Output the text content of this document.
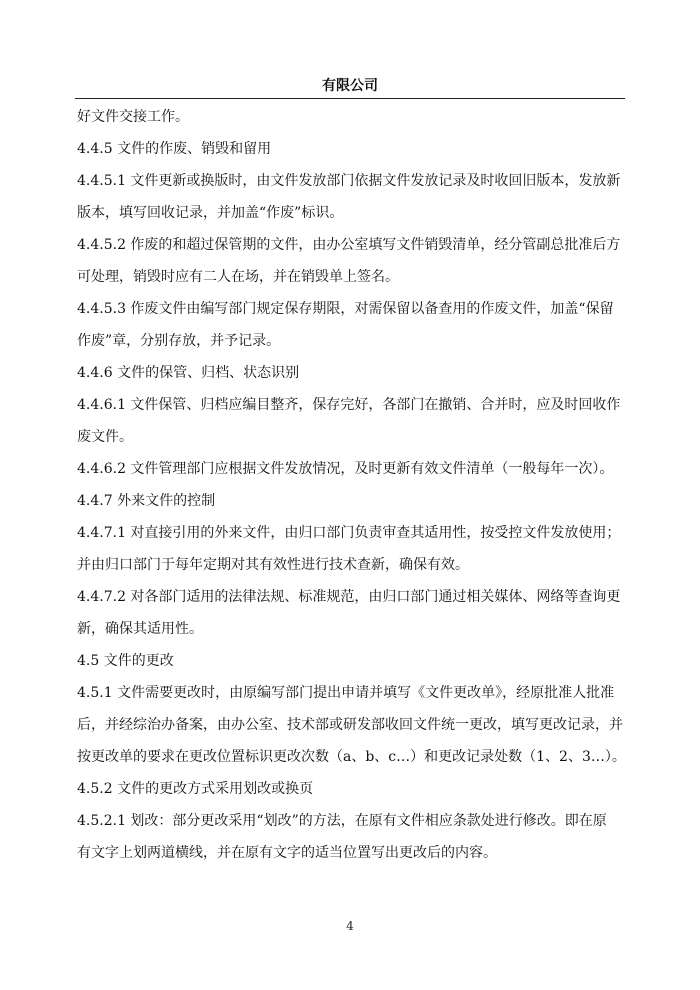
有限公司
好文件交接工作。
4.4.5 文件的作废、销毁和留用
4.4.5.1 文件更新或换版时，由文件发放部门依据文件发放记录及时收回旧版本，发放新
版本，填写回收记录，并加盖“作废”标识。
4.4.5.2 作废的和超过保管期的文件，由办公室填写文件销毁清单，经分管副总批准后方
可处理，销毁时应有二人在场，并在销毁单上签名。
4.4.5.3 作废文件由编写部门规定保存期限，对需保留以备查用的作废文件，加盖“保留
作废”章，分别存放，并予记录。
4.4.6 文件的保管、归档、状态识别
4.4.6.1 文件保管、归档应编目整齐，保存完好，各部门在撤销、合并时，应及时回收作
废文件。
4.4.6.2 文件管理部门应根据文件发放情况，及时更新有效文件清单（一般每年一次）。
4.4.7 外来文件的控制
4.4.7.1 对直接引用的外来文件，由归口部门负责审查其适用性，按受控文件发放使用；
并由归口部门于每年定期对其有效性进行技术查新，确保有效。
4.4.7.2 对各部门适用的法律法规、标准规范，由归口部门通过相关媒体、网络等查询更
新，确保其适用性。
4.5 文件的更改
4.5.1 文件需要更改时，由原编写部门提出申请并填写《文件更改单》，经原批准人批准
后，并经综治办备案，由办公室、技术部或研发部收回文件统一更改，填写更改记录，并
按更改单的要求在更改位置标识更改次数（a、b、c…）和更改记录处数（1、2、3…）。
4.5.2 文件的更改方式采用划改或换页
4.5.2.1 划改：部分更改采用“划改”的方法，在原有文件相应条款处进行修改。即在原
有文字上划两道横线，并在原有文字的适当位置写出更改后的内容。
4
